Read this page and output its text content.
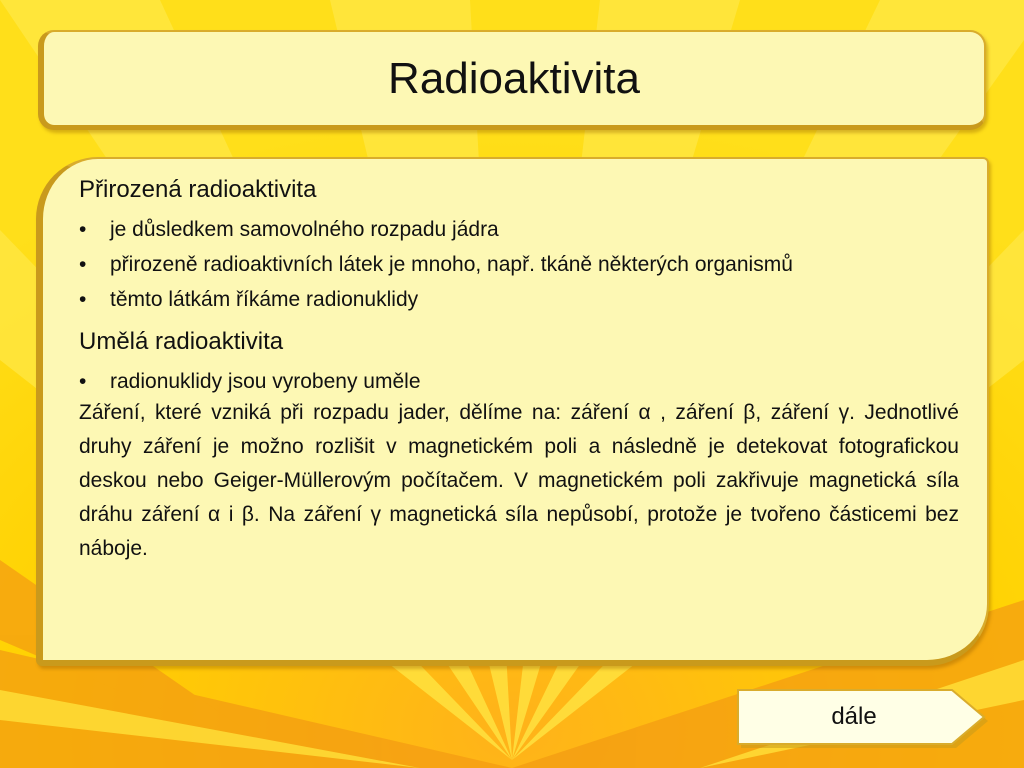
Radioaktivita
Přirozená radioaktivita
• je důsledkem samovolného rozpadu jádra
• přirozeně radioaktivních látek je mnoho, např. tkáně některých organismů
• těmto látkám říkáme radionuklidy
Umělá radioaktivita
• radionuklidy jsou vyrobeny uměle
Záření, které vzniká při rozpadu jader, dělíme na: záření α , záření β, záření γ. Jednotlivé druhy záření je možno rozlišit v magnetickém poli a následně je detekovat fotografickou deskou nebo Geiger-Müllerovým počítačem. V magnetickém poli zakřivuje magnetická síla dráhu záření α i β. Na záření γ magnetická síla nepůsobí, protože je tvořeno částicemi bez náboje.
dále
